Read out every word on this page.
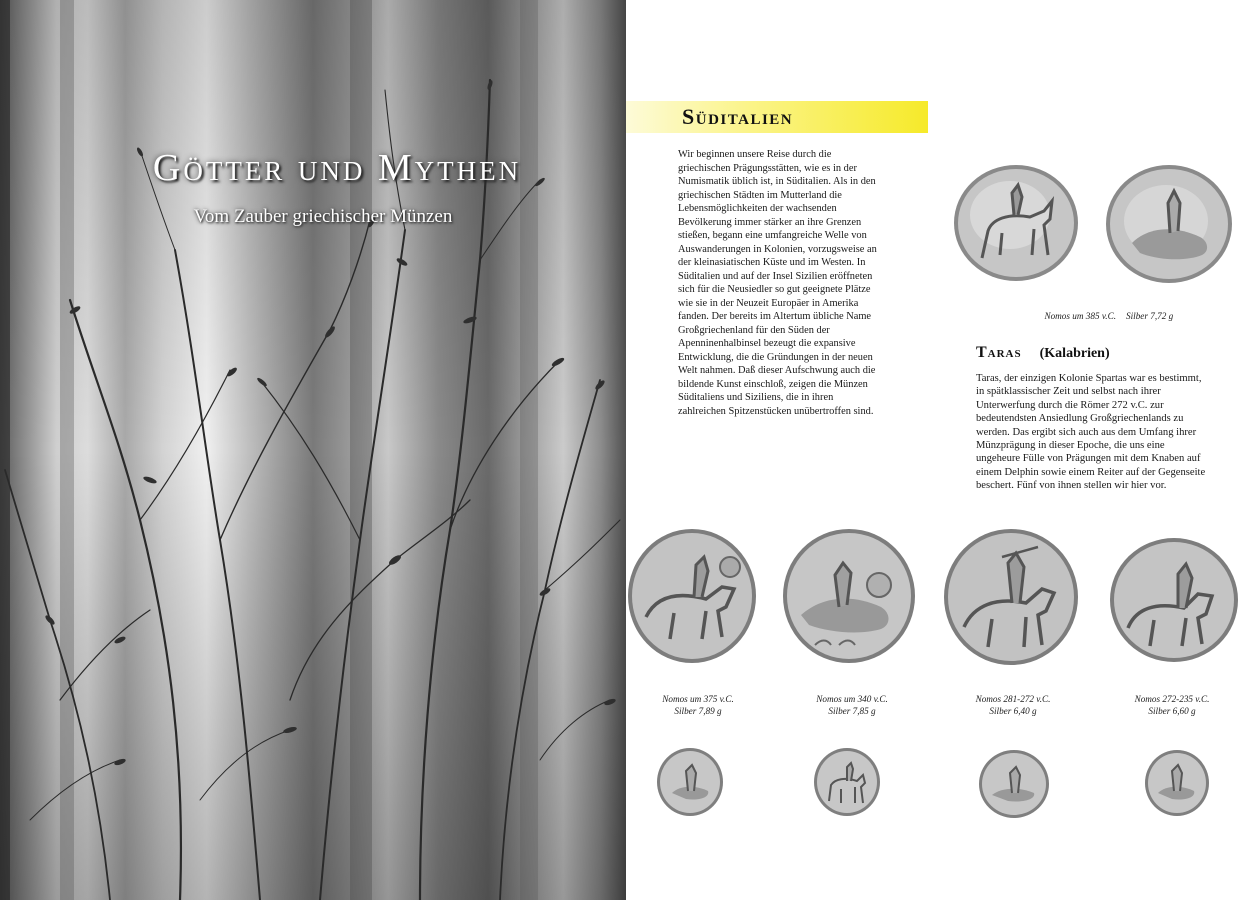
Götter und Mythen
Vom Zauber griechischer Münzen
Süditalien

Wir beginnen unsere Reise durch die griechischen Prägungsstätten, wie es in der Numismatik üblich ist, in Süditalien. Als in den griechischen Städten im Mutterland die Lebensmöglichkeiten der wachsenden Bevölkerung immer stärker an ihre Grenzen stießen, begann eine umfangreiche Welle von Auswanderungen in Kolonien, vorzugsweise an der kleinasiatischen Küste und im Westen. In Süditalien und auf der Insel Sizilien eröffneten sich für die Neusiedler so gut geeignete Plätze wie sie in der Neuzeit Europäer in Amerika fanden. Der bereits im Altertum übliche Name Großgriechenland für den Süden der Apenninenhalbinsel bezeugt die expansive Entwicklung, die die Gründungen in der neuen Welt nahmen. Daß dieser Aufschwung auch die bildende Kunst einschloß, zeigen die Münzen Süditaliens und Siziliens, die in ihren zahlreichen Spitzenstücken unübertroffen sind.

Nomos um 385 v.C. Silber 7,72 g
Taras (Kalabrien)

Taras, der einzigen Kolonie Spartas war es bestimmt, in spätklassischer Zeit und selbst nach ihrer Unterwerfung durch die Römer 272 v.C. zur bedeutendsten Ansiedlung Großgriechenlands zu werden. Das ergibt sich auch aus dem Umfang ihrer Münzprägung in dieser Epoche, die uns eine ungeheure Fülle von Prägungen mit dem Knaben auf einem Delphin sowie einem Reiter auf der Gegenseite beschert. Fünf von ihnen stellen wir hier vor.

Nomos um 375 v.C.
Silber 7,89 g
Nomos um 340 v.C.
Silber 7,85 g
Nomos 281-272 v.C.
Silber 6,40 g
Nomos 272-235 v.C.
Silber 6,60 g
